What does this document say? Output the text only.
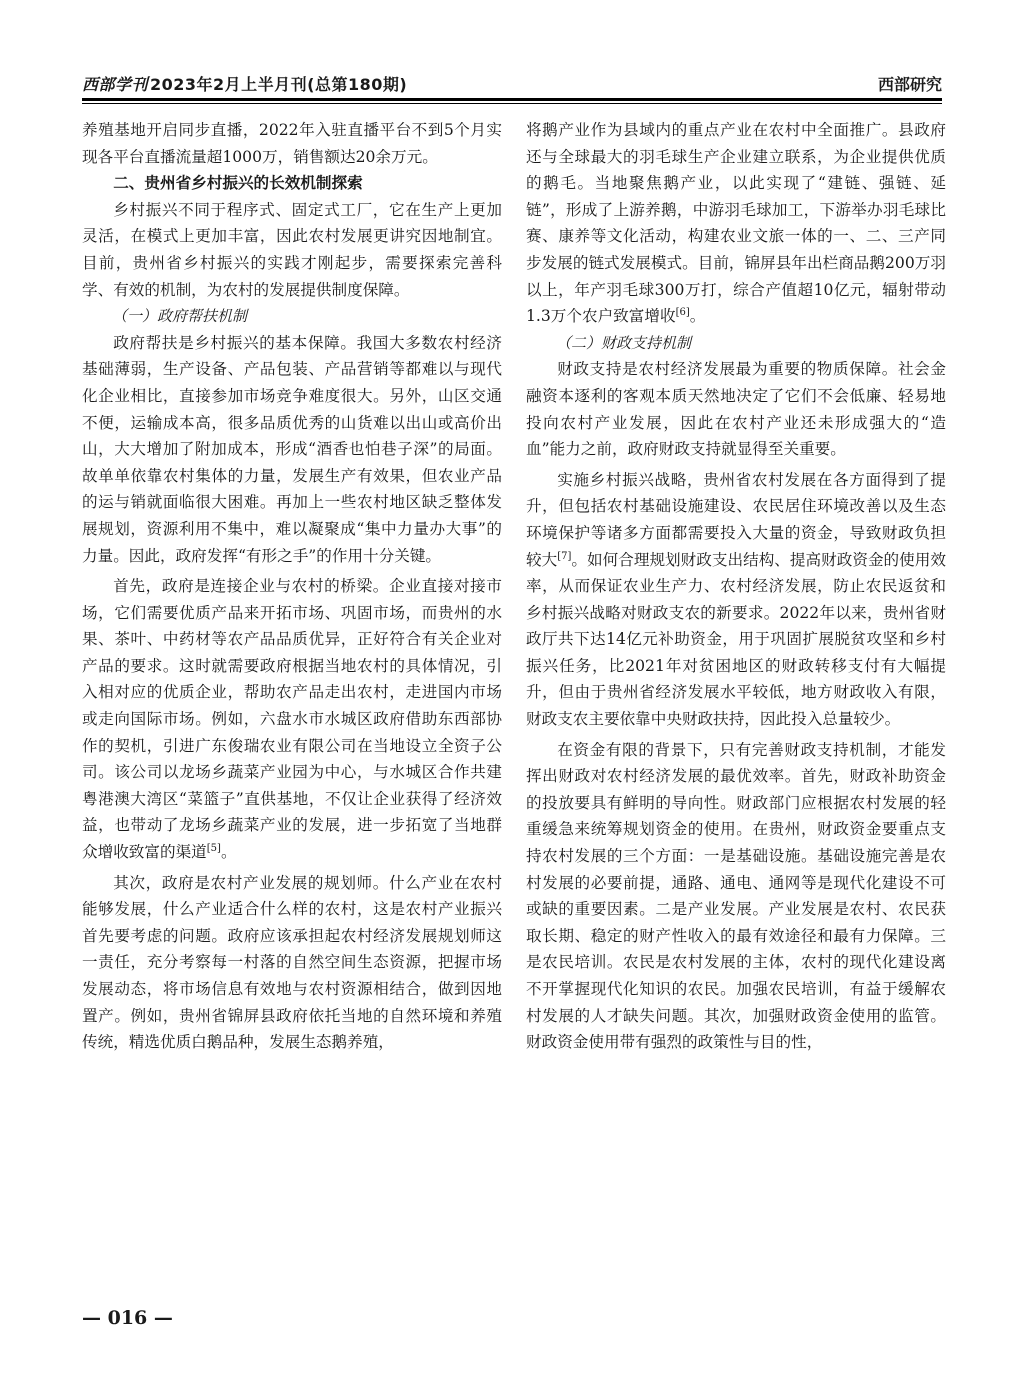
西部学刊 2023年2月上半月刊(总第180期)	西部研究

养殖基地开启同步直播，2022年入驻直播平台不到5个月实现各平台直播流量超1000万，销售额达20余万元。

二、贵州省乡村振兴的长效机制探索

乡村振兴不同于程序式、固定式工厂，它在生产上更加灵活，在模式上更加丰富，因此农村发展更讲究因地制宜。目前，贵州省乡村振兴的实践才刚起步，需要探索完善科学、有效的机制，为农村的发展提供制度保障。

（一）政府帮扶机制

政府帮扶是乡村振兴的基本保障。我国大多数农村经济基础薄弱，生产设备、产品包装、产品营销等都难以与现代化企业相比，直接参加市场竞争难度很大。另外，山区交通不便，运输成本高，很多品质优秀的山货难以出山或高价出山，大大增加了附加成本，形成“酒香也怕巷子深”的局面。故单单依靠农村集体的力量，发展生产有效果，但农业产品的运与销就面临很大困难。再加上一些农村地区缺乏整体发展规划，资源利用不集中，难以凝聚成“集中力量办大事”的力量。因此，政府发挥“有形之手”的作用十分关键。

首先，政府是连接企业与农村的桥梁。企业直接对接市场，它们需要优质产品来开拓市场、巩固市场，而贵州的水果、茶叶、中药材等农产品品质优异，正好符合有关企业对产品的要求。这时就需要政府根据当地农村的具体情况，引入相对应的优质企业，帮助农产品走出农村，走进国内市场或走向国际市场。例如，六盘水市水城区政府借助东西部协作的契机，引进广东俊瑞农业有限公司在当地设立全资子公司。该公司以龙场乡蔬菜产业园为中心，与水城区合作共建粤港澳大湾区“菜篮子”直供基地，不仅让企业获得了经济效益，也带动了龙场乡蔬菜产业的发展，进一步拓宽了当地群众增收致富的渠道[5]。

其次，政府是农村产业发展的规划师。什么产业在农村能够发展，什么产业适合什么样的农村，这是农村产业振兴首先要考虑的问题。政府应该承担起农村经济发展规划师这一责任，充分考察每一村落的自然空间生态资源，把握市场发展动态，将市场信息有效地与农村资源相结合，做到因地置产。例如，贵州省锦屏县政府依托当地的自然环境和养殖传统，精选优质白鹅品种，发展生态鹅养殖，

将鹅产业作为县域内的重点产业在农村中全面推广。县政府还与全球最大的羽毛球生产企业建立联系，为企业提供优质的鹅毛。当地聚焦鹅产业，以此实现了“建链、强链、延链”，形成了上游养鹅，中游羽毛球加工，下游举办羽毛球比赛、康养等文化活动，构建农业文旅一体的一、二、三产同步发展的链式发展模式。目前，锦屏县年出栏商品鹅200万羽以上，年产羽毛球300万打，综合产值超10亿元，辐射带动1.3万个农户致富增收[6]。

（二）财政支持机制

财政支持是农村经济发展最为重要的物质保障。社会金融资本逐利的客观本质天然地决定了它们不会低廉、轻易地投向农村产业发展，因此在农村产业还未形成强大的“造血”能力之前，政府财政支持就显得至关重要。

实施乡村振兴战略，贵州省农村发展在各方面得到了提升，但包括农村基础设施建设、农民居住环境改善以及生态环境保护等诸多方面都需要投入大量的资金，导致财政负担较大[7]。如何合理规划财政支出结构、提高财政资金的使用效率，从而保证农业生产力、农村经济发展，防止农民返贫和乡村振兴战略对财政支农的新要求。2022年以来，贵州省财政厅共下达14亿元补助资金，用于巩固扩展脱贫攻坚和乡村振兴任务，比2021年对贫困地区的财政转移支付有大幅提升，但由于贵州省经济发展水平较低，地方财政收入有限，财政支农主要依靠中央财政扶持，因此投入总量较少。

在资金有限的背景下，只有完善财政支持机制，才能发挥出财政对农村经济发展的最优效率。首先，财政补助资金的投放要具有鲜明的导向性。财政部门应根据农村发展的轻重缓急来统筹规划资金的使用。在贵州，财政资金要重点支持农村发展的三个方面：一是基础设施。基础设施完善是农村发展的必要前提，通路、通电、通网等是现代化建设不可或缺的重要因素。二是产业发展。产业发展是农村、农民获取长期、稳定的财产性收入的最有效途径和最有力保障。三是农民培训。农民是农村发展的主体，农村的现代化建设离不开掌握现代化知识的农民。加强农民培训，有益于缓解农村发展的人才缺失问题。其次，加强财政资金使用的监管。财政资金使用带有强烈的政策性与目的性，

— 016 —
